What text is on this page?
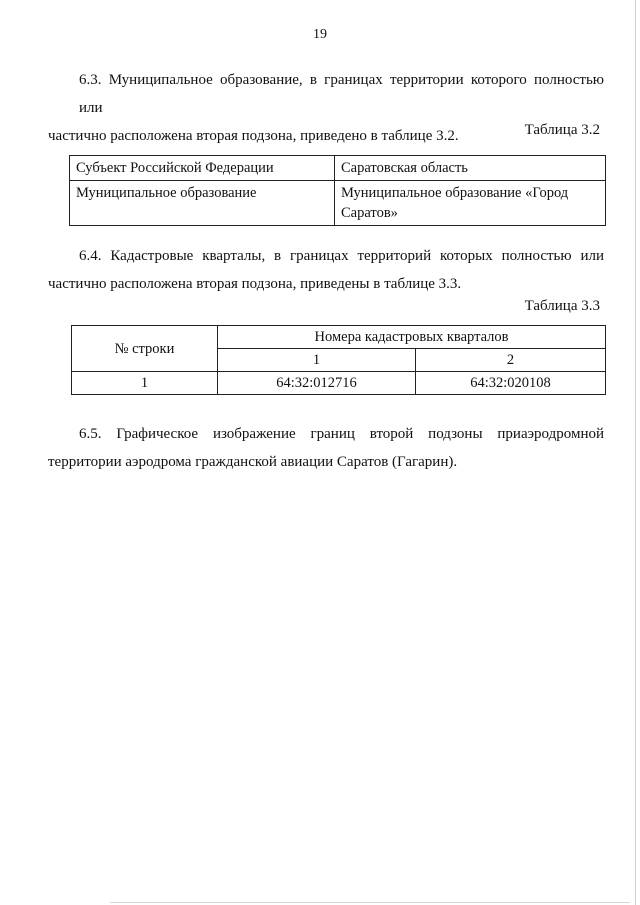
19

6.3. Муниципальное образование, в границах территории которого полностью или
частично расположена вторая подзона, приведено в таблице 3.2.	Таблица 3.2
Субъект Российской Федерации	Саратовская область
Муниципальное образование	Муниципальное образование «Город Саратов»

6.4. Кадастровые кварталы, в границах территорий которых полностью или
частично расположена вторая подзона, приведены в таблице 3.3.

Таблица 3.3
№ строки	Номера кадастровых кварталов	
	1	2
1	64:32:012716	64:32:020108

6.5. Графическое изображение границ второй подзоны приаэродромной
территории аэродрома гражданской авиации Саратов (Гагарин).
